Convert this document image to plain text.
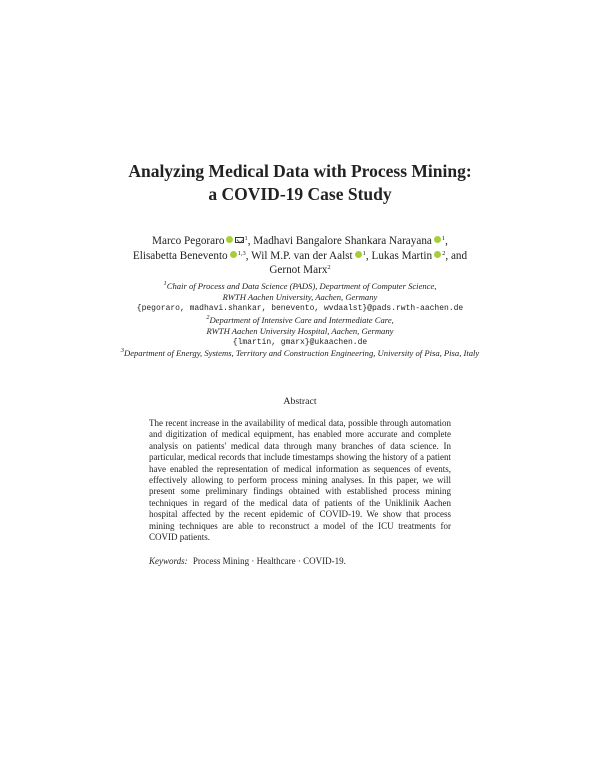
Analyzing Medical Data with Process Mining:
a COVID-19 Case Study
Marco Pegoraro	$^1$, Madhavi Bangalore Shankara Narayana $^1$,
Elisabetta Benevento $^{1,3}$, Wil M.P. van der Aalst $^1$, Lukas Martin $^2$, and
Gernot Marx$^2$
$^1$Chair of Process and Data Science (PADS), Department of Computer Science,
RWTH Aachen University, Aachen, Germany
{pegoraro, madhavi.shankar, benevento, wvdaalst}@pads.rwth-aachen.de
$^2$Department of Intensive Care and Intermediate Care,
RWTH Aachen University Hospital, Aachen, Germany
{lmartin, gmarx}@ukaachen.de
$^3$Department of Energy, Systems, Territory and Construction Engineering, University of Pisa, Pisa, Italy
Abstract
The recent increase in the availability of medical data, possible through automation and digitization of medical equipment, has enabled more accurate and complete analysis on patients' medical data through many branches of data science. In particular, medical records that include timestamps showing the history of a patient have enabled the representation of medical information as sequences of events, effectively allowing to perform process mining analyses. In this paper, we will present some preliminary findings obtained with established process mining techniques in regard of the medical data of patients of the Uniklinik Aachen hospital affected by the recent epidemic of COVID-19. We show that process mining techniques are able to reconstruct a model of the ICU treatments for COVID patients.
Keywords: Process Mining · Healthcare · COVID-19.
